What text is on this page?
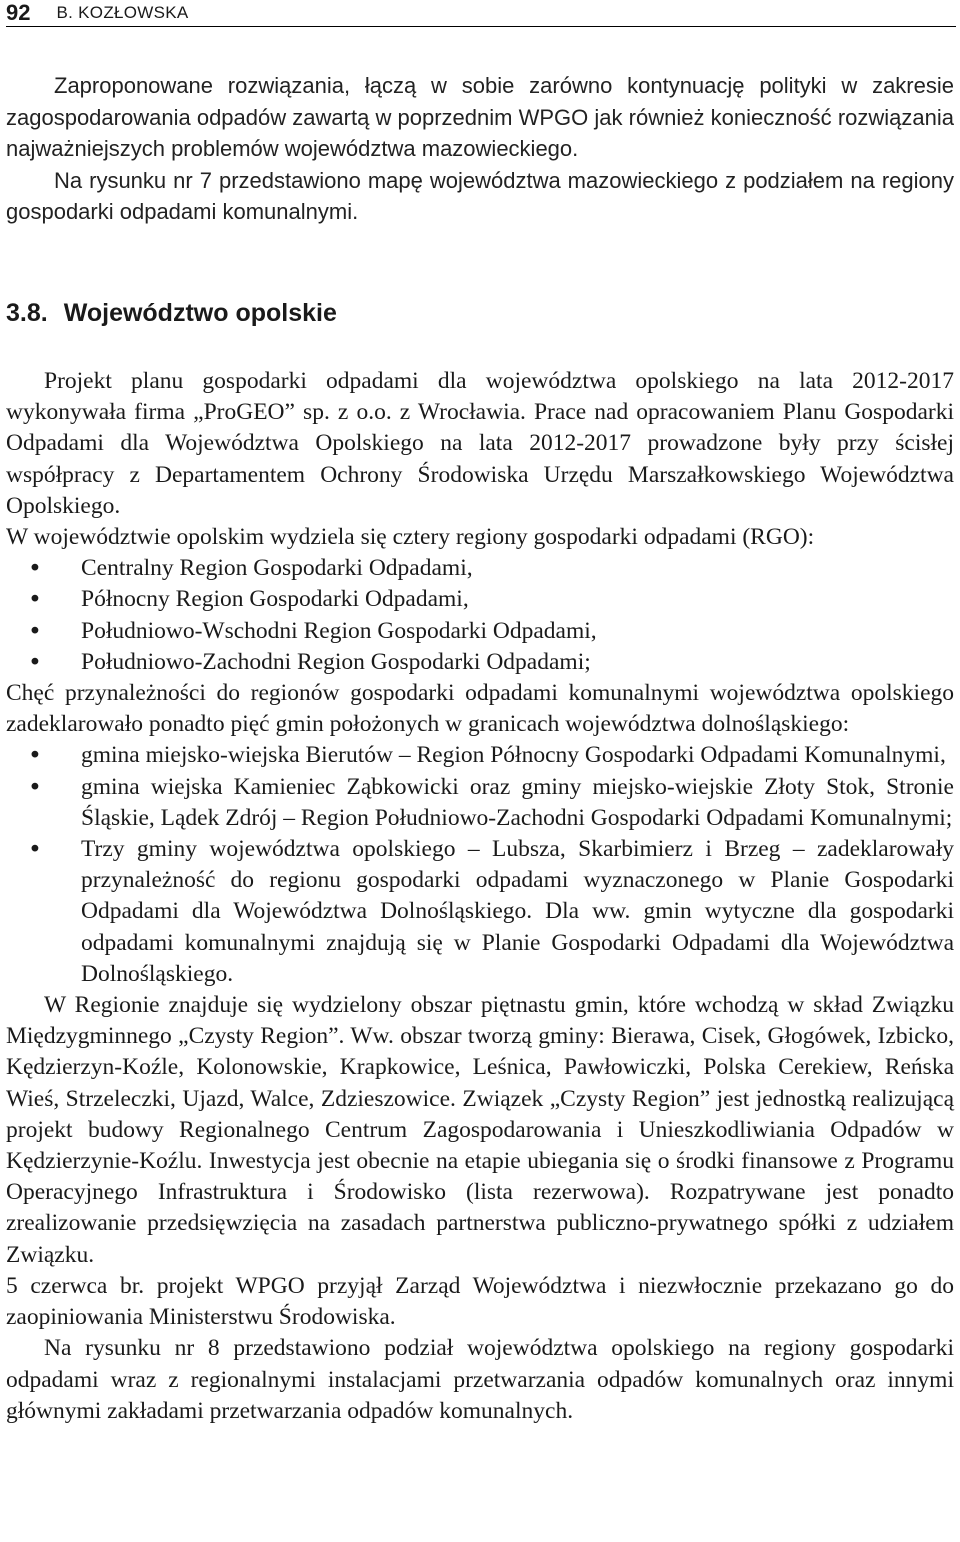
92 B. KOZŁOWSKA

Zaproponowane rozwiązania, łączą w sobie zarówno kontynuację polityki w zakresie zagospodarowania odpadów zawartą w poprzednim WPGO jak również konieczność rozwiązania najważniejszych problemów województwa mazowieckiego.

Na rysunku nr 7 przedstawiono mapę województwa mazowieckiego z podziałem na regiony gospodarki odpadami komunalnymi.

3.8. Województwo opolskie

Projekt planu gospodarki odpadami dla województwa opolskiego na lata 2012-2017 wykonywała firma „ProGEO” sp. z o.o. z Wrocławia. Prace nad opracowaniem Planu Gospodarki Odpadami dla Województwa Opolskiego na lata 2012-2017 prowadzone były przy ścisłej współpracy z Departamentem Ochrony Środowiska Urzędu Marszałkowskiego Województwa Opolskiego.

W województwie opolskim wydziela się cztery regiony gospodarki odpadami (RGO):

• Centralny Region Gospodarki Odpadami,
• Północny Region Gospodarki Odpadami,
• Południowo-Wschodni Region Gospodarki Odpadami,
• Południowo-Zachodni Region Gospodarki Odpadami;

Chęć przynależności do regionów gospodarki odpadami komunalnymi województwa opolskiego zadeklarowało ponadto pięć gmin położonych w granicach województwa dolnośląskiego:

• gmina miejsko-wiejska Bierutów – Region Północny Gospodarki Odpadami Komunalnymi,
• gmina wiejska Kamieniec Ząbkowicki oraz gminy miejsko-wiejskie Złoty Stok, Stronie Śląskie, Lądek Zdrój – Region Południowo-Zachodni Gospodarki Odpadami Komunalnymi;
• Trzy gminy województwa opolskiego – Lubsza, Skarbimierz i Brzeg – zadeklarowały przynależność do regionu gospodarki odpadami wyznaczonego w Planie Gospodarki Odpadami dla Województwa Dolnośląskiego. Dla ww. gmin wytyczne dla gospodarki odpadami komunalnymi znajdują się w Planie Gospodarki Odpadami dla Województwa Dolnośląskiego.

W Regionie znajduje się wydzielony obszar piętnastu gmin, które wchodzą w skład Związku Międzygminnego „Czysty Region”. Ww. obszar tworzą gminy: Bierawa, Cisek, Głogówek, Izbicko, Kędzierzyn-Koźle, Kolonowskie, Krapkowice, Leśnica, Pawłowiczki, Polska Cerekiew, Reńska Wieś, Strzeleczki, Ujazd, Walce, Zdzieszowice. Związek „Czysty Region” jest jednostką realizującą projekt budowy Regionalnego Centrum Zagospodarowania i Unieszkodliwiania Odpadów w Kędzierzynie-Koźlu. Inwestycja jest obecnie na etapie ubiegania się o środki finansowe z Programu Operacyjnego Infrastruktura i Środowisko (lista rezerwowa). Rozpatrywane jest ponadto zrealizowanie przedsięwzięcia na zasadach partnerstwa publiczno-prywatnego spółki z udziałem Związku.

5 czerwca br. projekt WPGO przyjął Zarząd Województwa i niezwłocznie przekazano go do zaopiniowania Ministerstwu Środowiska.

Na rysunku nr 8 przedstawiono podział województwa opolskiego na regiony gospodarki odpadami wraz z regionalnymi instalacjami przetwarzania odpadów komunalnych oraz innymi głównymi zakładami przetwarzania odpadów komunalnych.
